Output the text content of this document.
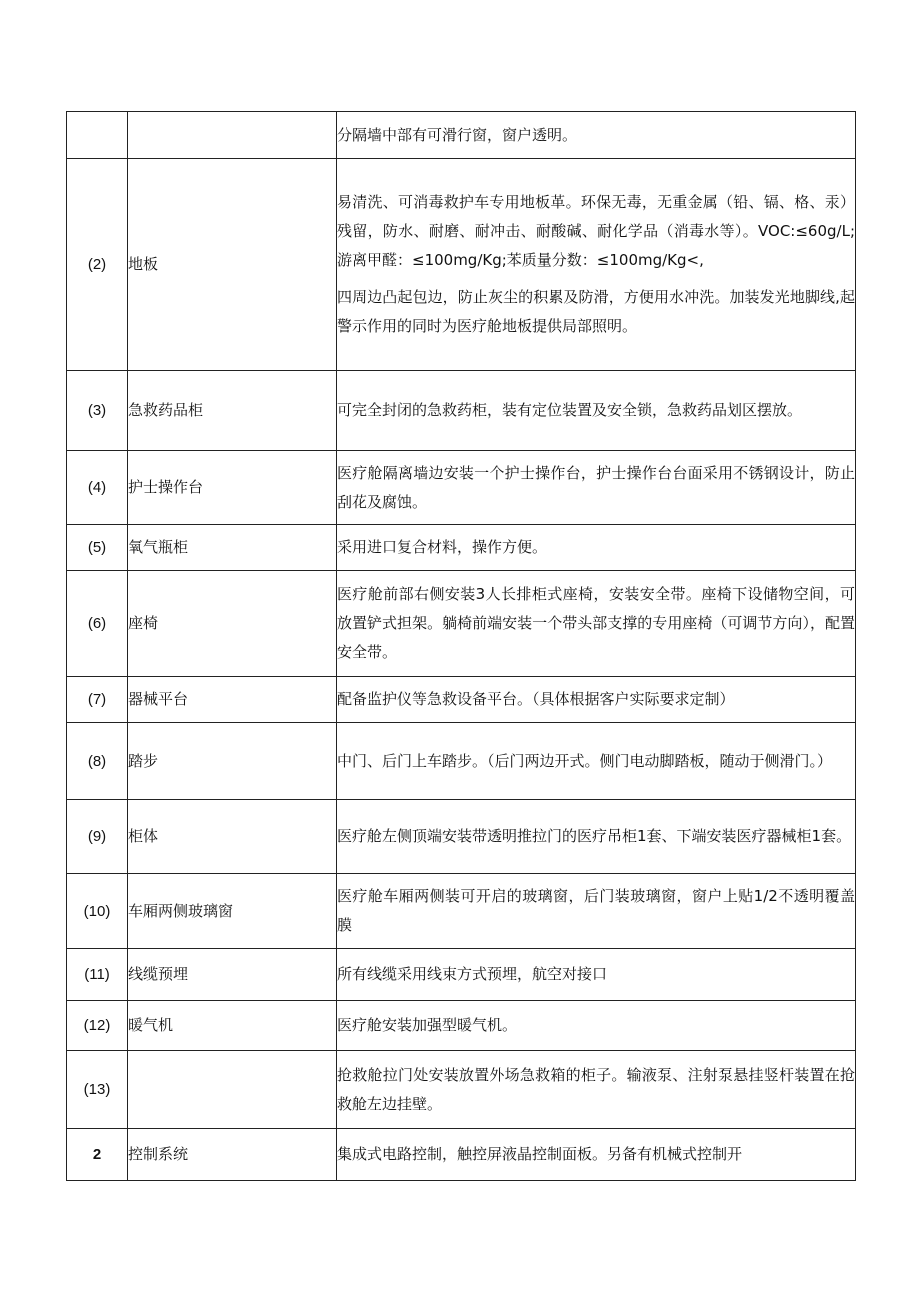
		分隔墙中部有可滑行窗，窗户透明。

(2)	地板	易清洗、可消毒救护车专用地板革。环保无毒，无重金属（铅、镉、格、汞）残留，防水、耐磨、耐冲击、耐酸碱、耐化学品（消毒水等）。VOC:≤60g∕L;游离甲醛：≤100mg∕Kg;苯质量分数：≤100mg∕Kg<,

四周边凸起包边，防止灰尘的积累及防滑，方便用水冲洗。加装发光地脚线,起警示作用的同时为医疗舱地板提供局部照明。

(3)	急救药品柜	可完全封闭的急救药柜，装有定位装置及安全锁，急救药品划区摆放。

(4)	护士操作台	医疗舱隔离墙边安装一个护士操作台，护士操作台台面采用不锈钢设计，防止刮花及腐蚀。

(5)	氧气瓶柜	采用进口复合材料，操作方便。

(6)	座椅	医疗舱前部右侧安装3人长排柜式座椅，安装安全带。座椅下设储物空间，可放置铲式担架。躺椅前端安装一个带头部支撑的专用座椅（可调节方向），配置安全带。

(7)	器械平台	配备监护仪等急救设备平台。（具体根据客户实际要求定制）

(8)	踏步	中门、后门上车踏步。（后门两边开式。侧门电动脚踏板，随动于侧滑门。）

(9)	柜体	医疗舱左侧顶端安装带透明推拉门的医疗吊柜1套、下端安装医疗器械柜1套。

(10)	车厢两侧玻璃窗	医疗舱车厢两侧装可开启的玻璃窗，后门装玻璃窗，窗户上贴1/2不透明覆盖膜

(11)	线缆预埋	所有线缆采用线束方式预埋，航空对接口

(12)	暖气机	医疗舱安装加强型暖气机。

(13)		抢救舱拉门处安装放置外场急救箱的柜子。输液泵、注射泵悬挂竖杆装置在抢救舱左边挂壁。

2	控制系统	集成式电路控制，触控屏液晶控制面板。另备有机械式控制开
